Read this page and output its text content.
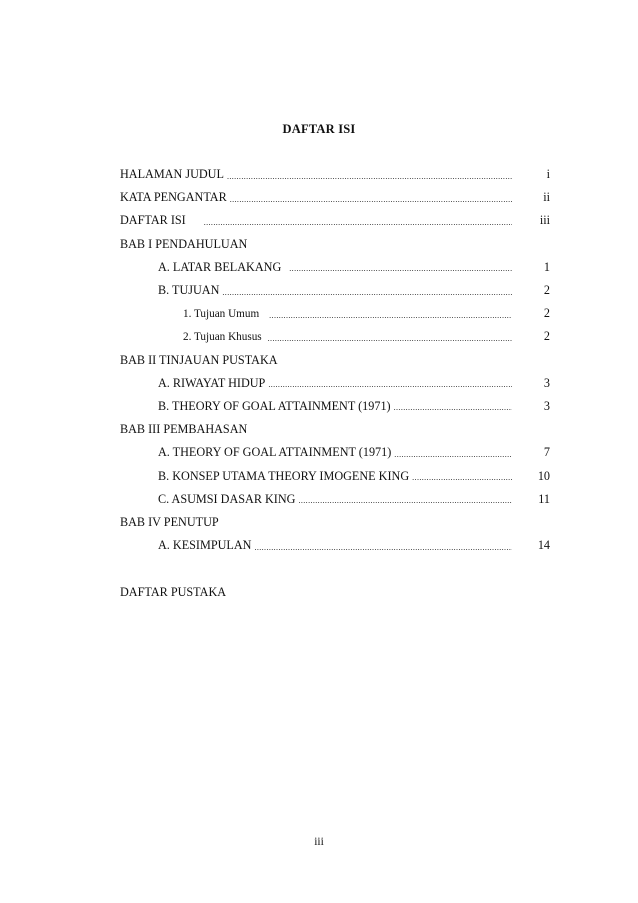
DAFTAR ISI
HALAMAN JUDUL .....	i
KATA PENGANTAR .....	ii
DAFTAR ISI .....	iii
BAB I PENDAHULUAN
A. LATAR BELAKANG .....	1
B. TUJUAN .....	2
1. Tujuan Umum .....	2
2. Tujuan Khusus .....	2
BAB II TINJAUAN PUSTAKA
A. RIWAYAT HIDUP .....	3
B. THEORY OF GOAL ATTAINMENT (1971) .....	3
BAB III PEMBAHASAN
A. THEORY OF GOAL ATTAINMENT (1971) .....	7
B. KONSEP UTAMA THEORY IMOGENE KING .....	10
C. ASUMSI DASAR KING .....	11
BAB IV PENUTUP
A. KESIMPULAN .....	14
DAFTAR PUSTAKA
iii
